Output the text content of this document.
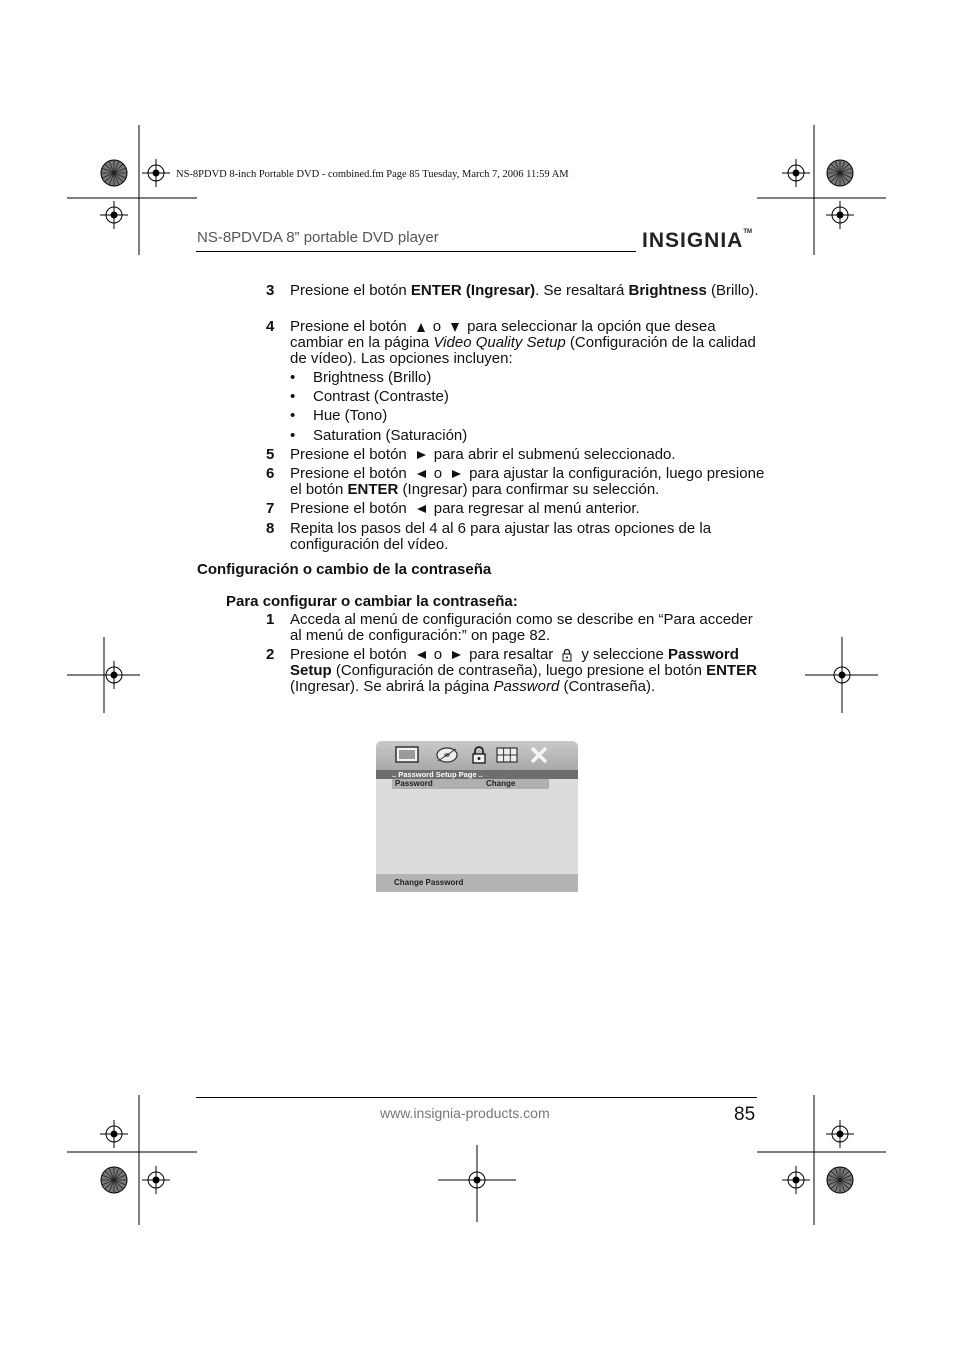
NS-8PDVD 8-inch Portable DVD - combined.fm Page 85 Tuesday, March 7, 2006 11:59 AM
NS-8PDVDA 8” portable DVD player	INSIGNIA™
3 Presione el botón ENTER (Ingresar). Se resaltará Brightness (Brillo).
4 Presione el botón o para seleccionar la opción que desea cambiar en la página Video Quality Setup (Configuración de la calidad de vídeo). Las opciones incluyen:
• Brightness (Brillo)
• Contrast (Contraste)
• Hue (Tono)
• Saturation (Saturación)
5 Presione el botón para abrir el submenú seleccionado.
6 Presione el botón o para ajustar la configuración, luego presione el botón ENTER (Ingresar) para confirmar su selección.
7 Presione el botón para regresar al menú anterior.
8 Repita los pasos del 4 al 6 para ajustar las otras opciones de la configuración del vídeo.
Configuración o cambio de la contraseña
Para configurar o cambiar la contraseña:
1 Acceda al menú de configuración como se describe en “Para acceder al menú de configuración:” on page 82.
2 Presione el botón o para resaltar y seleccione Password Setup (Configuración de contraseña), luego presione el botón ENTER (Ingresar). Se abrirá la página Password (Contraseña).
.. Password Setup Page ..
Password	Change
Change Password
www.insignia-products.com	85
